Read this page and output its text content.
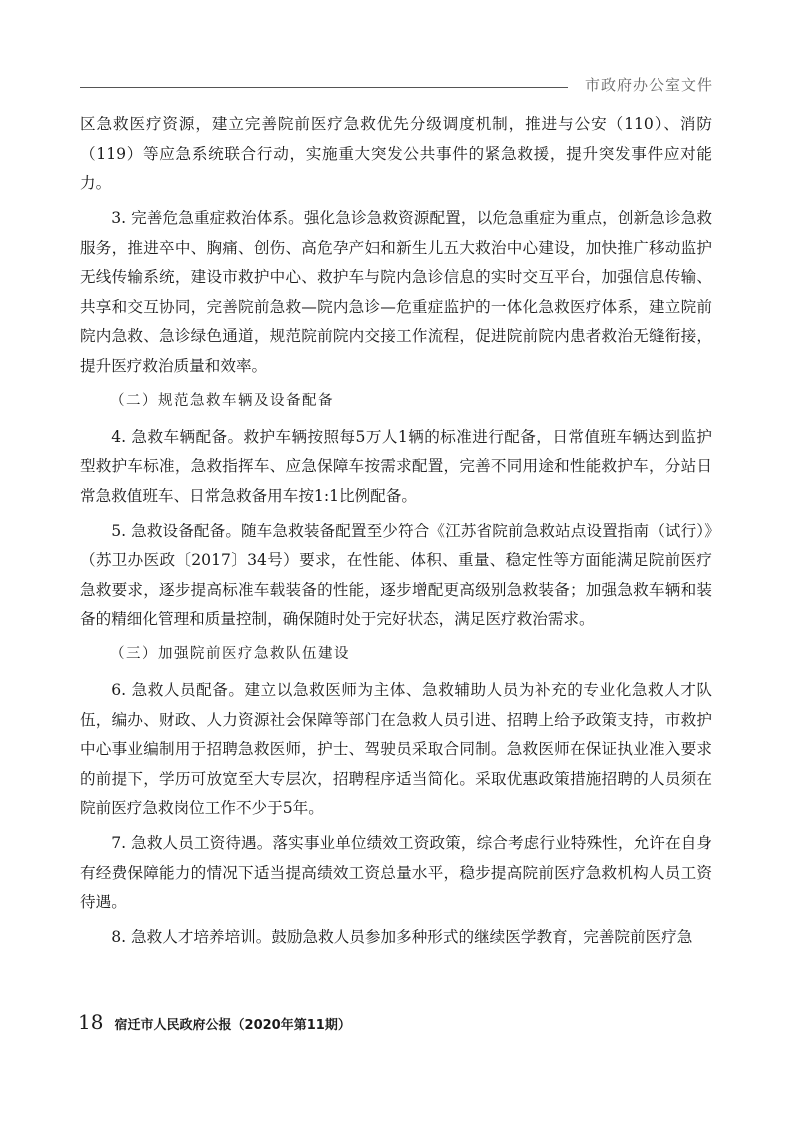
市政府办公室文件

区急救医疗资源，建立完善院前医疗急救优先分级调度机制，推进与公安（110）、消防（119）等应急系统联合行动，实施重大突发公共事件的紧急救援，提升突发事件应对能力。

3. 完善危急重症救治体系。强化急诊急救资源配置，以危急重症为重点，创新急诊急救服务，推进卒中、胸痛、创伤、高危孕产妇和新生儿五大救治中心建设，加快推广移动监护无线传输系统，建设市救护中心、救护车与院内急诊信息的实时交互平台，加强信息传输、共享和交互协同，完善院前急救—院内急诊—危重症监护的一体化急救医疗体系，建立院前院内急救、急诊绿色通道，规范院前院内交接工作流程，促进院前院内患者救治无缝衔接，提升医疗救治质量和效率。

（二）规范急救车辆及设备配备

4. 急救车辆配备。救护车辆按照每5万人1辆的标准进行配备，日常值班车辆达到监护型救护车标准，急救指挥车、应急保障车按需求配置，完善不同用途和性能救护车，分站日常急救值班车、日常急救备用车按1:1比例配备。

5. 急救设备配备。随车急救装备配置至少符合《江苏省院前急救站点设置指南（试行）》（苏卫办医政〔2017〕34号）要求，在性能、体积、重量、稳定性等方面能满足院前医疗急救要求，逐步提高标准车载装备的性能，逐步增配更高级别急救装备；加强急救车辆和装备的精细化管理和质量控制，确保随时处于完好状态，满足医疗救治需求。

（三）加强院前医疗急救队伍建设

6. 急救人员配备。建立以急救医师为主体、急救辅助人员为补充的专业化急救人才队伍，编办、财政、人力资源社会保障等部门在急救人员引进、招聘上给予政策支持，市救护中心事业编制用于招聘急救医师，护士、驾驶员采取合同制。急救医师在保证执业准入要求的前提下，学历可放宽至大专层次，招聘程序适当简化。采取优惠政策措施招聘的人员须在院前医疗急救岗位工作不少于5年。

7. 急救人员工资待遇。落实事业单位绩效工资政策，综合考虑行业特殊性，允许在自身有经费保障能力的情况下适当提高绩效工资总量水平，稳步提高院前医疗急救机构人员工资待遇。

8. 急救人才培养培训。鼓励急救人员参加多种形式的继续医学教育，完善院前医疗急

18 宿迁市人民政府公报（2020年第11期）
